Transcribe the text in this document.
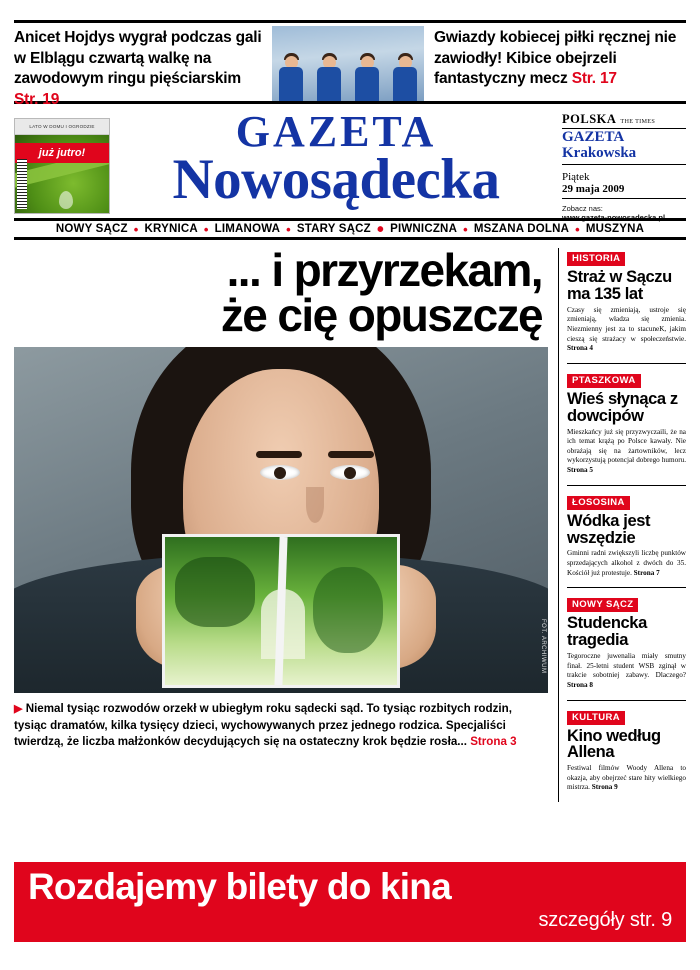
Anicet Hojdys wygrał podczas gali w Elblągu czwartą walkę na zawodowym ringu pięściarskim Str. 19
Gwiazdy kobiecej piłki ręcznej nie zawiodły! Kibice obejrzeli fantastyczny mecz Str. 17
LATO W DOMU I OGRODZIE
już jutro!	GAZETA
Nowosądecka
POLSKA THE TIMES
GAZETA
Krakowska
Piątek
29 maja 2009
Zobacz nas:
www.gazeta-nowosadecka.pl
NOWY SĄCZ • KRYNICA • LIMANOWA • STARY SĄCZ • PIWNICZNA • MSZANA DOLNA • MUSZYNA
... i przyrzekam,
że cię opuszczę
FOT. ARCHIWUM
▶ Niemal tysiąc rozwodów orzekł w ubiegłym roku sądecki sąd. To tysiąc rozbitych rodzin, tysiąc dramatów, kilka tysięcy dzieci, wychowywanych przez jednego rodzica. Specjaliści twierdzą, że liczba małżonków decydujących się na ostateczny krok będzie rosła... Strona 3
HISTORIA
Straż w Sączu ma 135 lat
Czasy się zmieniają, ustroje się zmieniają, władza się zmienia. Niezmienny jest za to stacuneK, jakim cieszą się strażacy w społeczeństwie. Strona 4
PTASZKOWA
Wieś słynąca z dowcipów
Mieszkańcy już się przyzwyczaili, że na ich temat krążą po Polsce kawały. Nie obrażają się na żartowników, lecz wykorzystują potencjał dobrego humoru. Strona 5
ŁOSOSINA
Wódka jest wszędzie
Gminni radni zwiększyli liczbę punktów sprzedających alkohol z dwóch do 35. Kościół już protestuje. Strona 7
NOWY SĄCZ
Studencka tragedia
Tegoroczne juwenalia miały smutny finał. 25-letni student WSB zginął w trakcie sobotniej zabawy. Dlaczego? Strona 8
KULTURA
Kino według Allena
Festiwal filmów Woody Allena to okazja, aby obejrzeć stare hity wielkiego mistrza. Strona 9
Rozdajemy bilety do kina
szczegóły str. 9
